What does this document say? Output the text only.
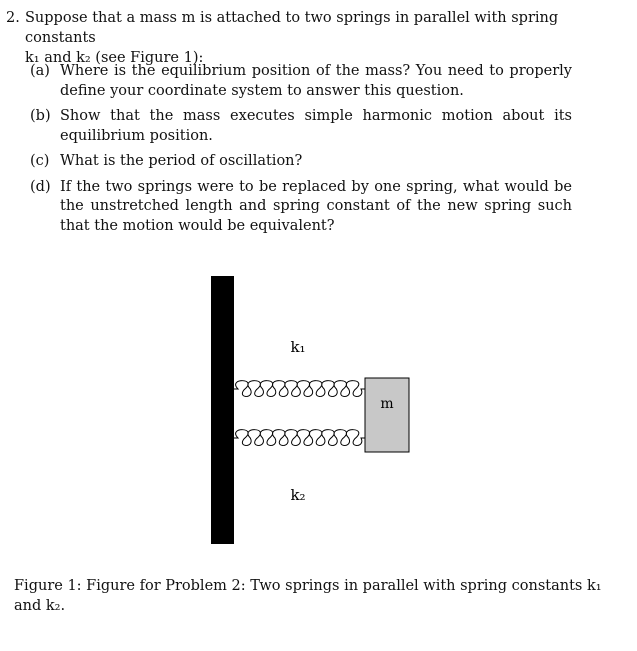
2. Suppose that a mass m is attached to two springs in parallel with spring constants
k₁ and k₂ (see Figure 1):
(a) Where is the equilibrium position of the mass? You need to properly define your coordinate system to answer this question.
(b) Show that the mass executes simple harmonic motion about its equilibrium position.
(c) What is the period of oscillation?
(d) If the two springs were to be replaced by one spring, what would be the unstretched length and spring constant of the new spring such that the motion would be equivalent?
m
k₁
k₂
Figure 1: Figure for Problem 2: Two springs in parallel with spring constants k₁ and k₂.
